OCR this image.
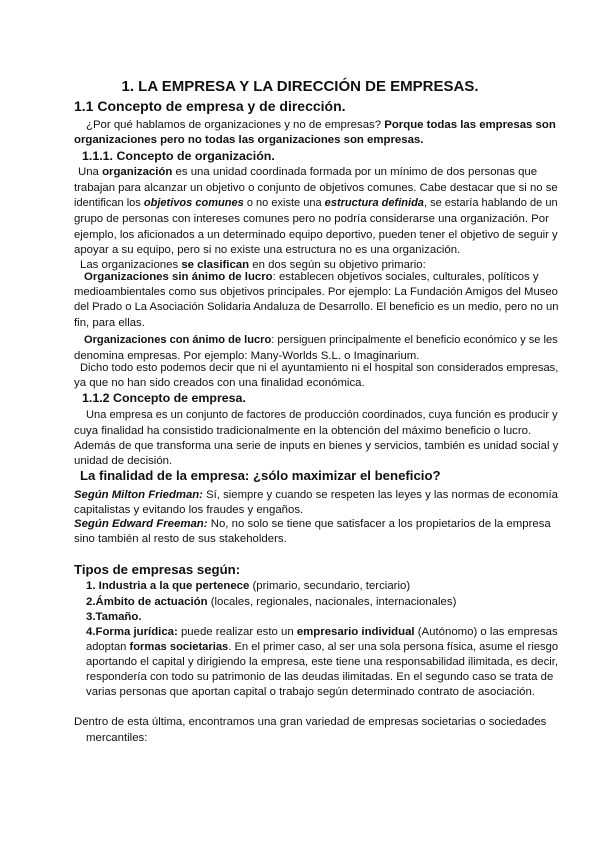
1. LA EMPRESA Y LA DIRECCIÓN DE EMPRESAS.
1.1 Concepto de empresa y de dirección.
¿Por qué hablamos de organizaciones y no de empresas? Porque todas las empresas son
organizaciones pero no todas las organizaciones son empresas.
1.1.1. Concepto de organización.
Una organización es una unidad coordinada formada por un mínimo de dos personas que
trabajan para alcanzar un objetivo o conjunto de objetivos comunes. Cabe destacar que si no se
identifican los objetivos comunes o no existe una estructura definida, se estaría hablando de un
grupo de personas con intereses comunes pero no podría considerarse una organización. Por
ejemplo, los aficionados a un determinado equipo deportivo, pueden tener el objetivo de seguir y
apoyar a su equipo, pero si no existe una estructura no es una organización.
Las organizaciones se clasifican en dos según su objetivo primario:
Organizaciones sin ánimo de lucro: establecen objetivos sociales, culturales, políticos y
medioambientales como sus objetivos principales. Por ejemplo: La Fundación Amigos del Museo
del Prado o La Asociación Solidaria Andaluza de Desarrollo. El beneficio es un medio, pero no un
fin, para ellas.
Organizaciones con ánimo de lucro: persiguen principalmente el beneficio económico y se les
denomina empresas. Por ejemplo: Many-Worlds S.L. o Imaginarium.
Dicho todo esto podemos decir que ni el ayuntamiento ni el hospital son considerados empresas,
ya que no han sido creados con una finalidad económica.
1.1.2 Concepto de empresa.
Una empresa es un conjunto de factores de producción coordinados, cuya función es producir y
cuya finalidad ha consistido tradicionalmente en la obtención del máximo beneficio o lucro.
Además de que transforma una serie de inputs en bienes y servicios, también es unidad social y
unidad de decisión.
La finalidad de la empresa: ¿sólo maximizar el beneficio?
Según Milton Friedman: Sí, siempre y cuando se respeten las leyes y las normas de economía
capitalistas y evitando los fraudes y engaños.
Según Edward Freeman: No, no solo se tiene que satisfacer a los propietarios de la empresa
sino también al resto de sus stakeholders.
Tipos de empresas según:
1. Industria a la que pertenece (primario, secundario, terciario)
2.Ámbito de actuación (locales, regionales, nacionales, internacionales)
3.Tamaño.
4.Forma jurídica: puede realizar esto un empresario individual (Autónomo) o las empresas
adoptan formas societarias. En el primer caso, al ser una sola persona física, asume el riesgo
aportando el capital y dirigiendo la empresa, este tiene una responsabilidad ilimitada, es decir,
respondería con todo su patrimonio de las deudas ilimitadas. En el segundo caso se trata de
varias personas que aportan capital o trabajo según determinado contrato de asociación.
Dentro de esta última, encontramos una gran variedad de empresas societarias o sociedades
mercantiles:
